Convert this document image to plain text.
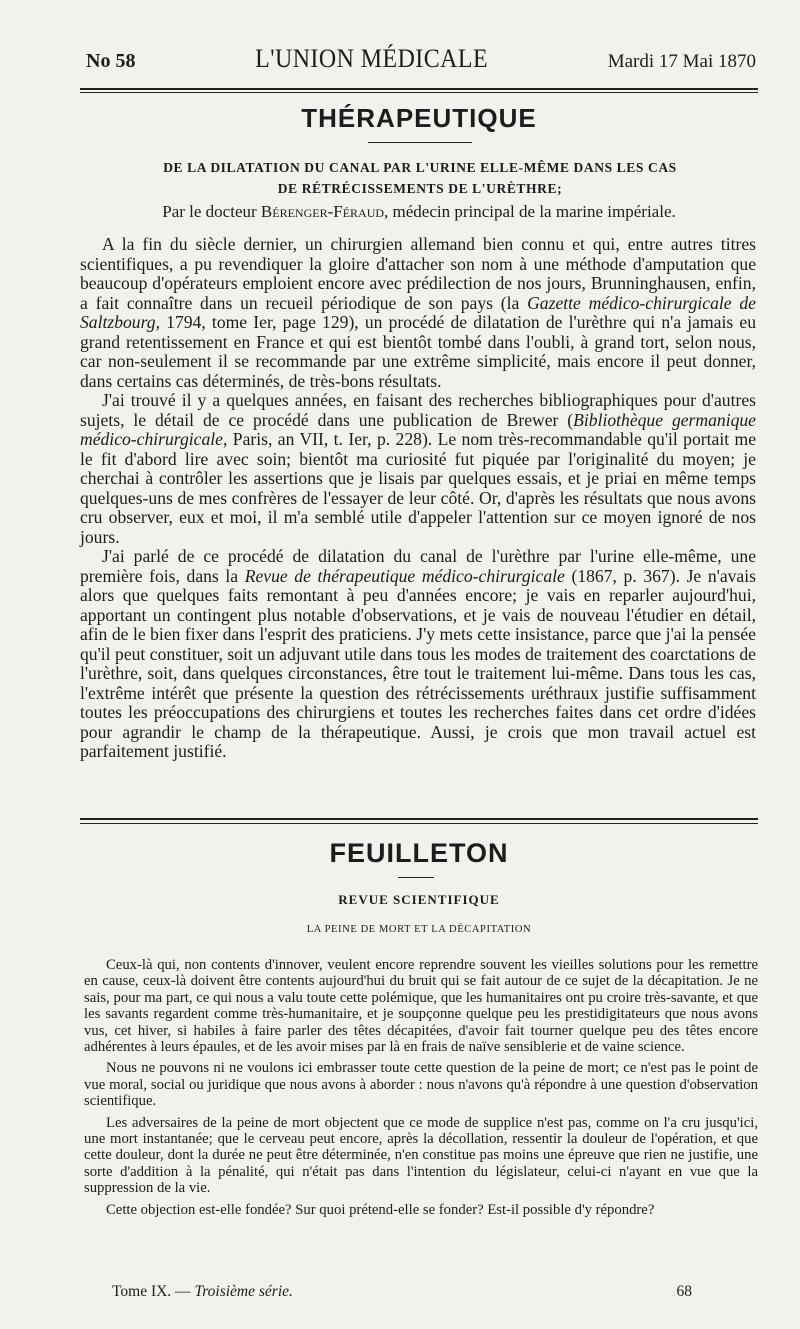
No 58	L'UNION MÉDICALE	Mardi 17 Mai 1870
THÉRAPEUTIQUE
DE LA DILATATION DU CANAL PAR L'URINE ELLE-MÊME DANS LES CAS
DE RÉTRÉCISSEMENTS DE L'URÈTHRE;
Par le docteur Bérenger-Féraud, médecin principal de la marine impériale.

A la fin du siècle dernier, un chirurgien allemand bien connu et qui, entre autres titres scientifiques, a pu revendiquer la gloire d'attacher son nom à une méthode d'amputation que beaucoup d'opérateurs emploient encore avec prédilection de nos jours, Brunninghausen, enfin, a fait connaître dans un recueil périodique de son pays (la Gazette médico-chirurgicale de Saltzbourg, 1794, tome Ier, page 129), un procédé de dilatation de l'urèthre qui n'a jamais eu grand retentissement en France et qui est bientôt tombé dans l'oubli, à grand tort, selon nous, car non-seulement il se recommande par une extrême simplicité, mais encore il peut donner, dans certains cas déterminés, de très-bons résultats.

J'ai trouvé il y a quelques années, en faisant des recherches bibliographiques pour d'autres sujets, le détail de ce procédé dans une publication de Brewer (Bibliothèque germanique médico-chirurgicale, Paris, an VII, t. Ier, p. 228). Le nom très-recommandable qu'il portait me le fit d'abord lire avec soin; bientôt ma curiosité fut piquée par l'originalité du moyen; je cherchai à contrôler les assertions que je lisais par quelques essais, et je priai en même temps quelques-uns de mes confrères de l'essayer de leur côté. Or, d'après les résultats que nous avons cru observer, eux et moi, il m'a semblé utile d'appeler l'attention sur ce moyen ignoré de nos jours.

J'ai parlé de ce procédé de dilatation du canal de l'urèthre par l'urine elle-même, une première fois, dans la Revue de thérapeutique médico-chirurgicale (1867, p. 367). Je n'avais alors que quelques faits remontant à peu d'années encore; je vais en reparler aujourd'hui, apportant un contingent plus notable d'observations, et je vais de nouveau l'étudier en détail, afin de le bien fixer dans l'esprit des praticiens. J'y mets cette insistance, parce que j'ai la pensée qu'il peut constituer, soit un adjuvant utile dans tous les modes de traitement des coarctations de l'urèthre, soit, dans quelques circonstances, être tout le traitement lui-même. Dans tous les cas, l'extrême intérêt que présente la question des rétrécissements uréthraux justifie suffisamment toutes les préoccupations des chirurgiens et toutes les recherches faites dans cet ordre d'idées pour agrandir le champ de la thérapeutique. Aussi, je crois que mon travail actuel est parfaitement justifié.

FEUILLETON
REVUE SCIENTIFIQUE
LA PEINE DE MORT ET LA DÉCAPITATION

Ceux-là qui, non contents d'innover, veulent encore reprendre souvent les vieilles solutions pour les remettre en cause, ceux-là doivent être contents aujourd'hui du bruit qui se fait autour de ce sujet de la décapitation. Je ne sais, pour ma part, ce qui nous a valu toute cette polémique, que les humanitaires ont pu croire très-savante, et que les savants regardent comme très-humanitaire, et je soupçonne quelque peu les prestidigitateurs que nous avons vus, cet hiver, si habiles à faire parler des têtes décapitées, d'avoir fait tourner quelque peu des têtes encore adhérentes à leurs épaules, et de les avoir mises par là en frais de naïve sensiblerie et de vaine science.

Nous ne pouvons ni ne voulons ici embrasser toute cette question de la peine de mort; ce n'est pas le point de vue moral, social ou juridique que nous avons à aborder : nous n'avons qu'à répondre à une question d'observation scientifique.

Les adversaires de la peine de mort objectent que ce mode de supplice n'est pas, comme on l'a cru jusqu'ici, une mort instantanée; que le cerveau peut encore, après la décollation, ressentir la douleur de l'opération, et que cette douleur, dont la durée ne peut être déterminée, n'en constitue pas moins une épreuve que rien ne justifie, une sorte d'addition à la pénalité, qui n'était pas dans l'intention du législateur, celui-ci n'ayant en vue que la suppression de la vie.

Cette objection est-elle fondée? Sur quoi prétend-elle se fonder? Est-il possible d'y répondre?

Tome IX. — Troisième série.	68
